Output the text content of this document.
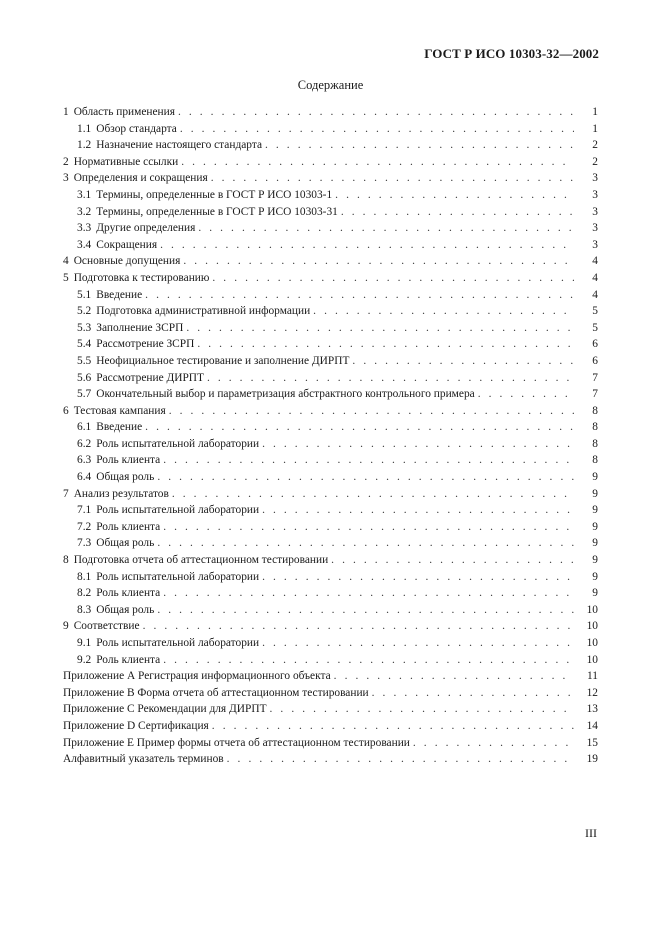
ГОСТ Р ИСО 10303-32—2002
Содержание
1 Область применения . . .	1
1.1 Обзор стандарта . . .	1
1.2 Назначение настоящего стандарта . . .	2
2 Нормативные ссылки . . .	2
3 Определения и сокращения . . .	3
3.1 Термины, определенные в ГОСТ Р ИСО 10303-1 . . .	3
3.2 Термины, определенные в ГОСТ Р ИСО 10303-31 . . .	3
3.3 Другие определения . . .	3
3.4 Сокращения . . .	3
4 Основные допущения . . .	4
5 Подготовка к тестированию . . .	4
5.1 Введение . . .	4
5.2 Подготовка административной информации . . .	5
5.3 Заполнение ЗСРП . . .	5
5.4 Рассмотрение ЗСРП . . .	6
5.5 Неофициальное тестирование и заполнение ДИРПТ . . .	6
5.6 Рассмотрение ДИРПТ . . .	7
5.7 Окончательный выбор и параметризация абстрактного контрольного примера . . .	7
6 Тестовая кампания . . .	8
6.1 Введение . . .	8
6.2 Роль испытательной лаборатории . . .	8
6.3 Роль клиента . . .	8
6.4 Общая роль . . .	9
7 Анализ результатов . . .	9
7.1 Роль испытательной лаборатории . . .	9
7.2 Роль клиента . . .	9
7.3 Общая роль . . .	9
8 Подготовка отчета об аттестационном тестировании . . .	9
8.1 Роль испытательной лаборатории . . .	9
8.2 Роль клиента . . .	9
8.3 Общая роль . . .	10
9 Соответствие . . .	10
9.1 Роль испытательной лаборатории . . .	10
9.2 Роль клиента . . .	10
Приложение А Регистрация информационного объекта . . .	11
Приложение В Форма отчета об аттестационном тестировании . . .	12
Приложение С Рекомендации для ДИРПТ . . .	13
Приложение D Сертификация . . .	14
Приложение Е Пример формы отчета об аттестационном тестировании . . .	15
Алфавитный указатель терминов . . .	19
III
